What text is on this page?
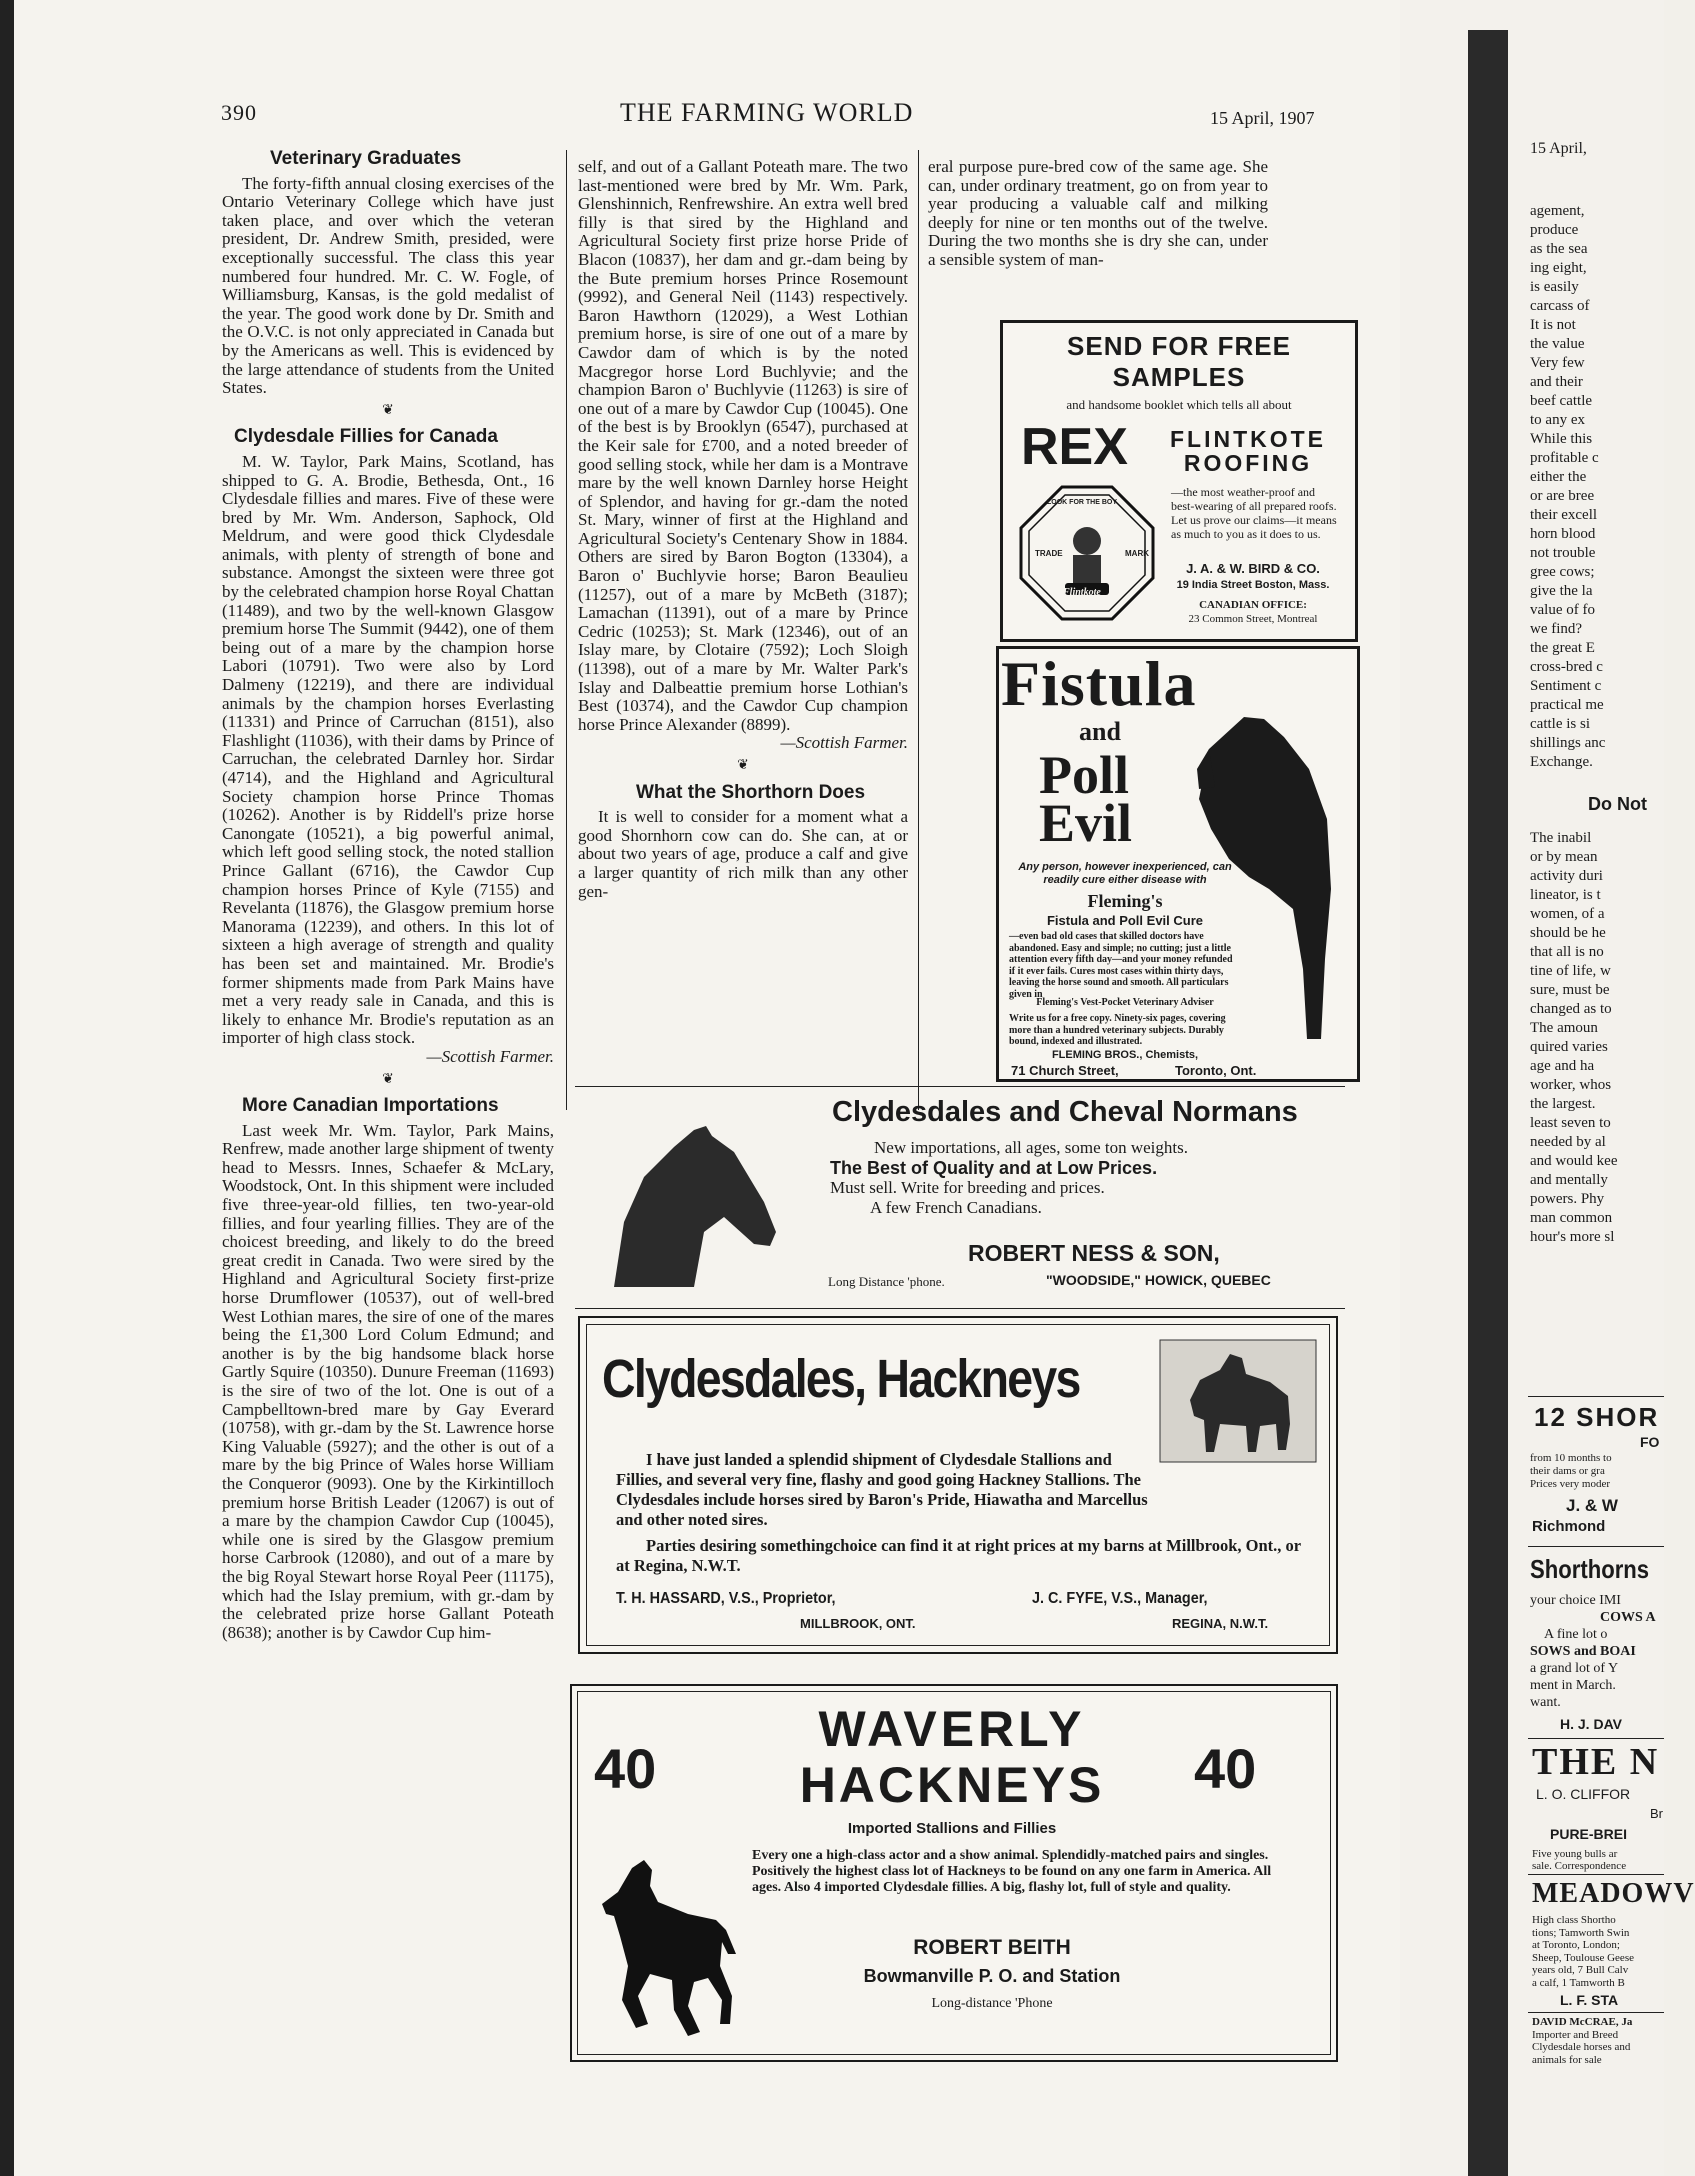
390	THE FARMING WORLD	15 April, 1907
Veterinary Graduates

The forty-fifth annual closing exercises of the Ontario Veterinary College which have just taken place, and over which the veteran president, Dr. Andrew Smith, presided, were exceptionally successful. The class this year numbered four hundred. Mr. C. W. Fogle, of Williamsburg, Kansas, is the gold medalist of the year. The good work done by Dr. Smith and the O.V.C. is not only appreciated in Canada but by the Americans as well. This is evidenced by the large attendance of students from the United States.

❦
Clydesdale Fillies for Canada

M. W. Taylor, Park Mains, Scotland, has shipped to G. A. Brodie, Bethesda, Ont., 16 Clydesdale fillies and mares. Five of these were bred by Mr. Wm. Anderson, Saphock, Old Meldrum, and were good thick Clydesdale animals, with plenty of strength of bone and substance. Amongst the sixteen were three got by the celebrated champion horse Royal Chattan (11489), and two by the well-known Glasgow premium horse The Summit (9442), one of them being out of a mare by the champion horse Labori (10791). Two were also by Lord Dalmeny (12219), and there are individual animals by the champion horses Everlasting (11331) and Prince of Carruchan (8151), also Flashlight (11036), with their dams by Prince of Carruchan, the celebrated Darnley hor. Sirdar (4714), and the Highland and Agricultural Society champion horse Prince Thomas (10262). Another is by Riddell's prize horse Canongate (10521), a big powerful animal, which left good selling stock, the noted stallion Prince Gallant (6716), the Cawdor Cup champion horses Prince of Kyle (7155) and Revelanta (11876), the Glasgow premium horse Manorama (12239), and others. In this lot of sixteen a high average of strength and quality has been set and maintained. Mr. Brodie's former shipments made from Park Mains have met a very ready sale in Canada, and this is likely to enhance Mr. Brodie's reputation as an importer of high class stock.

—Scottish Farmer.
❦
More Canadian Importations

Last week Mr. Wm. Taylor, Park Mains, Renfrew, made another large shipment of twenty head to Messrs. Innes, Schaefer & McLary, Woodstock, Ont. In this shipment were included five three-year-old fillies, ten two-year-old fillies, and four yearling fillies. They are of the choicest breeding, and likely to do the breed great credit in Canada. Two were sired by the Highland and Agricultural Society first-prize horse Drumflower (10537), out of well-bred West Lothian mares, the sire of one of the mares being the £1,300 Lord Colum Edmund; and another is by the big handsome black horse Gartly Squire (10350). Dunure Freeman (11693) is the sire of two of the lot. One is out of a Campbelltown-bred mare by Gay Everard (10758), with gr.-dam by the St. Lawrence horse King Valuable (5927); and the other is out of a mare by the big Prince of Wales horse William the Conqueror (9093). One by the Kirkintilloch premium horse British Leader (12067) is out of a mare by the champion Cawdor Cup (10045), while one is sired by the Glasgow premium horse Carbrook (12080), and out of a mare by the big Royal Stewart horse Royal Peer (11175), which had the Islay premium, with gr.-dam by the celebrated prize horse Gallant Poteath (8638); another is by Cawdor Cup him-

self, and out of a Gallant Poteath mare. The two last-mentioned were bred by Mr. Wm. Park, Glenshinnich, Renfrewshire. An extra well bred filly is that sired by the Highland and Agricultural Society first prize horse Pride of Blacon (10837), her dam and gr.-dam being by the Bute premium horses Prince Rosemount (9992), and General Neil (1143) respectively. Baron Hawthorn (12029), a West Lothian premium horse, is sire of one out of a mare by Cawdor dam of which is by the noted Macgregor horse Lord Buchlyvie; and the champion Baron o' Buchlyvie (11263) is sire of one out of a mare by Cawdor Cup (10045). One of the best is by Brooklyn (6547), purchased at the Keir sale for £700, and a noted breeder of good selling stock, while her dam is a Montrave mare by the well known Darnley horse Height of Splendor, and having for gr.-dam the noted St. Mary, winner of first at the Highland and Agricultural Society's Centenary Show in 1884. Others are sired by Baron Bogton (13304), a Baron o' Buchlyvie horse; Baron Beaulieu (11257), out of a mare by McBeth (3187); Lamachan (11391), out of a mare by Prince Cedric (10253); St. Mark (12346), out of an Islay mare, by Clotaire (7592); Loch Sloigh (11398), out of a mare by Mr. Walter Park's Islay and Dalbeattie premium horse Lothian's Best (10374), and the Cawdor Cup champion horse Prince Alexander (8899).

—Scottish Farmer.
❦
What the Shorthorn Does

It is well to consider for a moment what a good Shornhorn cow can do. She can, at or about two years of age, produce a calf and give a larger quantity of rich milk than any other gen-

eral purpose pure-bred cow of the same age. She can, under ordinary treatment, go on from year to year producing a valuable calf and milking deeply for nine or ten months out of the twelve. During the two months she is dry she can, under a sensible system of man-

SEND FOR FREE SAMPLES
and handsome booklet which tells all about
REX	FLINTKOTE ROOFING
LOOK FOR THE BOY
TRADE	MARK
Flintkote
—the most weather-proof and best-wearing of all prepared roofs. Let us prove our claims—it means as much to you as it does to us.
J. A. & W. BIRD & CO.
19 India Street Boston, Mass.
CANADIAN OFFICE:
23 Common Street, Montreal
Fistula
and
Poll
Evil
Any person, however inexperienced, can readily cure either disease with
Fleming's
Fistula and Poll Evil Cure
—even bad old cases that skilled doctors have abandoned. Easy and simple; no cutting; just a little attention every fifth day—and your money refunded if it ever fails. Cures most cases within thirty days, leaving the horse sound and smooth. All particulars given in
Fleming's Vest-Pocket Veterinary Adviser
Write us for a free copy. Ninety-six pages, covering more than a hundred veterinary subjects. Durably bound, indexed and illustrated.
FLEMING BROS., Chemists,
71 Church Street,	Toronto, Ont.
Clydesdales and Cheval Normans
New importations, all ages, some ton weights.
The Best of Quality and at Low Prices.
Must sell. Write for breeding and prices.
A few French Canadians.
ROBERT NESS & SON,
Long Distance 'phone.	"WOODSIDE," HOWICK, QUEBEC
Clydesdales, Hackneys
I have just landed a splendid shipment of Clydesdale Stallions and Fillies, and several very fine, flashy and good going Hackney Stallions. The Clydesdales include horses sired by Baron's Pride, Hiawatha and Marcellus and other noted sires.
Parties desiring somethingchoice can find it at right prices at my barns at Millbrook, Ont., or at Regina, N.W.T.
T. H. HASSARD, V.S., Proprietor,
MILLBROOK, ONT.
J. C. FYFE, V.S., Manager,
REGINA, N.W.T.
40	40
WAVERLY
HACKNEYS
Imported Stallions and Fillies
Every one a high-class actor and a show animal. Splendidly-matched pairs and singles. Positively the highest class lot of Hackneys to be found on any one farm in America. All ages. Also 4 imported Clydesdale fillies. A big, flashy lot, full of style and quality.
ROBERT BEITH
Bowmanville P. O. and Station
Long-distance 'Phone
15 April,
agement,
produce
as the sea
ing eight,
is easily
carcass of
It is not
the value
Very few
and their
beef cattle
to any ex
While this
profitable c
either the
or are bree
their excell
horn blood
not trouble
gree cows;
give the la
value of fo
we find?
the great E
cross-bred c
Sentiment c
practical me
cattle is si
shillings anc
Exchange.
Do Not
The inabil
or by mean
activity duri
lineator, is t
women, of a
should be he
that all is no
tine of life, w
sure, must be
changed as to
The amoun
quired varies
age and ha
worker, whos
the largest.
least seven to
needed by al
and would kee
and mentally
powers. Phy
man common
hour's more sl
12 SHOR
FO
from 10 months to
their dams or gra
Prices very moder
J. & W
Richmond
Shorthorns
your choice IMI
COWS A
A fine lot o
SOWS and BOAI
a grand lot of Y
ment in March.
want.
H. J. DAV
THE N
L. O. CLIFFOR
Br
PURE-BREI
Five young bulls ar
sale. Correspondence
MEADOWV
High class Shortho
tions; Tamworth Swin
at Toronto, London;
Sheep, Toulouse Geese
years old, 7 Bull Calv
a calf, 1 Tamworth B
L. F. STA
DAVID McCRAE, Ja
Importer and Breed
Clydesdale horses and
animals for sale
